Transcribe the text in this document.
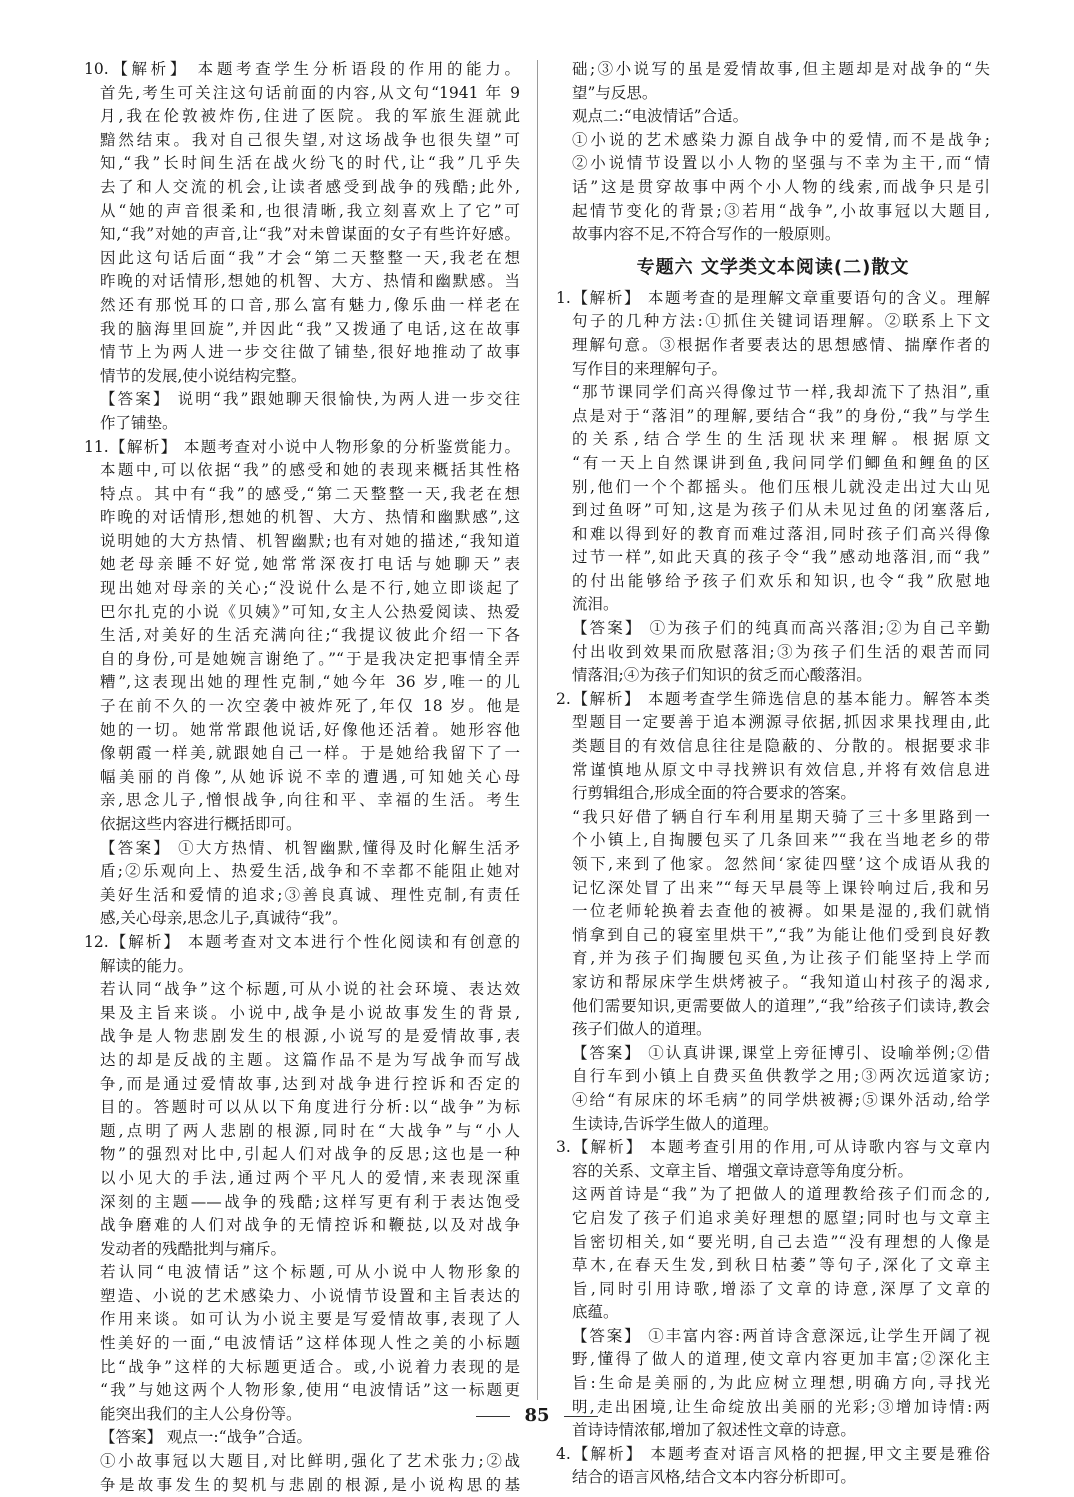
10.【解析】 本题考查学生分析语段的作用的能力。
首先,考生可关注这句话前面的内容,从文句“1941 年 9
月,我在伦敦被炸伤,住进了医院。我的军旅生涯就此
黯然结束。我对自己很失望,对这场战争也很失望”可
知,“我”长时间生活在战火纷飞的时代,让“我”几乎失
去了和人交流的机会,让读者感受到战争的残酷;此外,
从“她的声音很柔和,也很清晰,我立刻喜欢上了它”可
知,“我”对她的声音,让“我”对未曾谋面的女子有些许好感。
因此这句话后面“我”才会“第二天整整一天,我老在想
昨晚的对话情形,想她的机智、大方、热情和幽默感。当
然还有那悦耳的口音,那么富有魅力,像乐曲一样老在
我的脑海里回旋”,并因此“我”又拨通了电话,这在故事
情节上为两人进一步交往做了铺垫,很好地推动了故事
情节的发展,使小说结构完整。
【答案】 说明“我”跟她聊天很愉快,为两人进一步交往
作了铺垫。
11.【解析】 本题考查对小说中人物形象的分析鉴赏能力。
本题中,可以依据“我”的感受和她的表现来概括其性格
特点。其中有“我”的感受,“第二天整整一天,我老在想
昨晚的对话情形,想她的机智、大方、热情和幽默感”,这
说明她的大方热情、机智幽默;也有对她的描述,“我知道
她老母亲睡不好觉,她常常深夜打电话与她聊天”表
现出她对母亲的关心;“没说什么是不行,她立即谈起了
巴尔扎克的小说《贝姨》”可知,女主人公热爱阅读、热爱
生活,对美好的生活充满向往;“我提议彼此介绍一下各
自的身份,可是她婉言谢绝了。”“于是我决定把事情全弄
糟”,这表现出她的理性克制,“她今年 36 岁,唯一的儿
子在前不久的一次空袭中被炸死了,年仅 18 岁。他是
她的一切。她常常跟他说话,好像他还活着。她形容他
像朝霞一样美,就跟她自己一样。于是她给我留下了一
幅美丽的肖像”,从她诉说不幸的遭遇,可知她关心母
亲,思念儿子,憎恨战争,向往和平、幸福的生活。考生
依据这些内容进行概括即可。
【答案】 ①大方热情、机智幽默,懂得及时化解生活矛
盾;②乐观向上、热爱生活,战争和不幸都不能阻止她对
美好生活和爱情的追求;③善良真诚、理性克制,有责任
感,关心母亲,思念儿子,真诚待“我”。
12.【解析】 本题考查对文本进行个性化阅读和有创意的
解读的能力。
若认同“战争”这个标题,可从小说的社会环境、表达效
果及主旨来谈。小说中,战争是小说故事发生的背景,
战争是人物悲剧发生的根源,小说写的是爱情故事,表
达的却是反战的主题。这篇作品不是为写战争而写战
争,而是通过爱情故事,达到对战争进行控诉和否定的
目的。答题时可以从以下角度进行分析:以“战争”为标
题,点明了两人悲剧的根源,同时在“大战争”与“小人
物”的强烈对比中,引起人们对战争的反思;这也是一种
以小见大的手法,通过两个平凡人的爱情,来表现深重
深刻的主题——战争的残酷;这样写更有利于表达饱受
战争磨难的人们对战争的无情控诉和鞭挞,以及对战争
发动者的残酷批判与痛斥。
若认同“电波情话”这个标题,可从小说中人物形象的
塑造、小说的艺术感染力、小说情节设置和主旨表达的
作用来谈。如可认为小说主要是写爱情故事,表现了人
性美好的一面,“电波情话”这样体现人性之美的小标题
比“战争”这样的大标题更适合。或,小说着力表现的是
“我”与她这两个人物形象,使用“电波情话”这一标题更
能突出我们的主人公身份等。
【答案】 观点一:“战争”合适。
①小故事冠以大题目,对比鲜明,强化了艺术张力;②战
争是故事发生的契机与悲剧的根源,是小说构思的基
础;③小说写的虽是爱情故事,但主题却是对战争的“失
望”与反思。
观点二:“电波情话”合适。
①小说的艺术感染力源自战争中的爱情,而不是战争;
②小说情节设置以小人物的坚强与不幸为主干,而“情
话”这是贯穿故事中两个小人物的线索,而战争只是引
起情节变化的背景;③若用“战争”,小故事冠以大题目,
故事内容不足,不符合写作的一般原则。
专题六 文学类文本阅读(二)散文
1.【解析】 本题考查的是理解文章重要语句的含义。理解
句子的几种方法:①抓住关键词语理解。②联系上下文
理解句意。③根据作者要表达的思想感情、揣摩作者的
写作目的来理解句子。
“那节课同学们高兴得像过节一样,我却流下了热泪”,重
点是对于“落泪”的理解,要结合“我”的身份,“我”与学生
的关系,结合学生的生活现状来理解。根据原文
“有一天上自然课讲到鱼,我问同学们鲫鱼和鲤鱼的区
别,他们一个个都摇头。他们压根儿就没走出过大山见
到过鱼呀”可知,这是为孩子们从未见过鱼的闭塞落后,
和难以得到好的教育而难过落泪,同时孩子们高兴得像
过节一样”,如此天真的孩子令“我”感动地落泪,而“我”
的付出能够给予孩子们欢乐和知识,也令“我”欣慰地
流泪。
【答案】 ①为孩子们的纯真而高兴落泪;②为自己辛勤
付出收到效果而欣慰落泪;③为孩子们生活的艰苦而同
情落泪;④为孩子们知识的贫乏而心酸落泪。
2.【解析】 本题考查学生筛选信息的基本能力。解答本类
型题目一定要善于追本溯源寻依据,抓因求果找理由,此
类题目的有效信息往往是隐蔽的、分散的。根据要求非
常谨慎地从原文中寻找辨识有效信息,并将有效信息进
行剪辑组合,形成全面的符合要求的答案。
“我只好借了辆自行车利用星期天骑了三十多里路到一
个小镇上,自掏腰包买了几条回来”“我在当地老乡的带
领下,来到了他家。忽然间‘家徒四壁’这个成语从我的
记忆深处冒了出来”“每天早晨等上课铃响过后,我和另
一位老师轮换着去查他的被褥。如果是湿的,我们就悄
悄拿到自己的寝室里烘干”,“我”为能让他们受到良好教
育,并为孩子们掏腰包买鱼,为让孩子们能坚持上学而
家访和帮尿床学生烘烤被子。“我知道山村孩子的渴求,
他们需要知识,更需要做人的道理”,“我”给孩子们读诗,教会
孩子们做人的道理。
【答案】 ①认真讲课,课堂上旁征博引、设喻举例;②借
自行车到小镇上自费买鱼供教学之用;③两次远道家访;
④给“有尿床的坏毛病”的同学烘被褥;⑤课外活动,给学
生读诗,告诉学生做人的道理。
3.【解析】 本题考查引用的作用,可从诗歌内容与文章内
容的关系、文章主旨、增强文章诗意等角度分析。
这两首诗是“我”为了把做人的道理教给孩子们而念的,
它启发了孩子们追求美好理想的愿望;同时也与文章主
旨密切相关,如“要光明,自己去造”“没有理想的人像是
草木,在春天生发,到秋日枯萎”等句子,深化了文章主
旨,同时引用诗歌,增添了文章的诗意,深厚了文章的
底蕴。
【答案】 ①丰富内容:两首诗含意深远,让学生开阔了视
野,懂得了做人的道理,使文章内容更加丰富;②深化主
旨:生命是美丽的,为此应树立理想,明确方向,寻找光
明,走出困境,让生命绽放出美丽的光彩;③增加诗情:两
首诗诗情浓郁,增加了叙述性文章的诗意。
4.【解析】 本题考查对语言风格的把握,甲文主要是雅俗
结合的语言风格,结合文本内容分析即可。
85
